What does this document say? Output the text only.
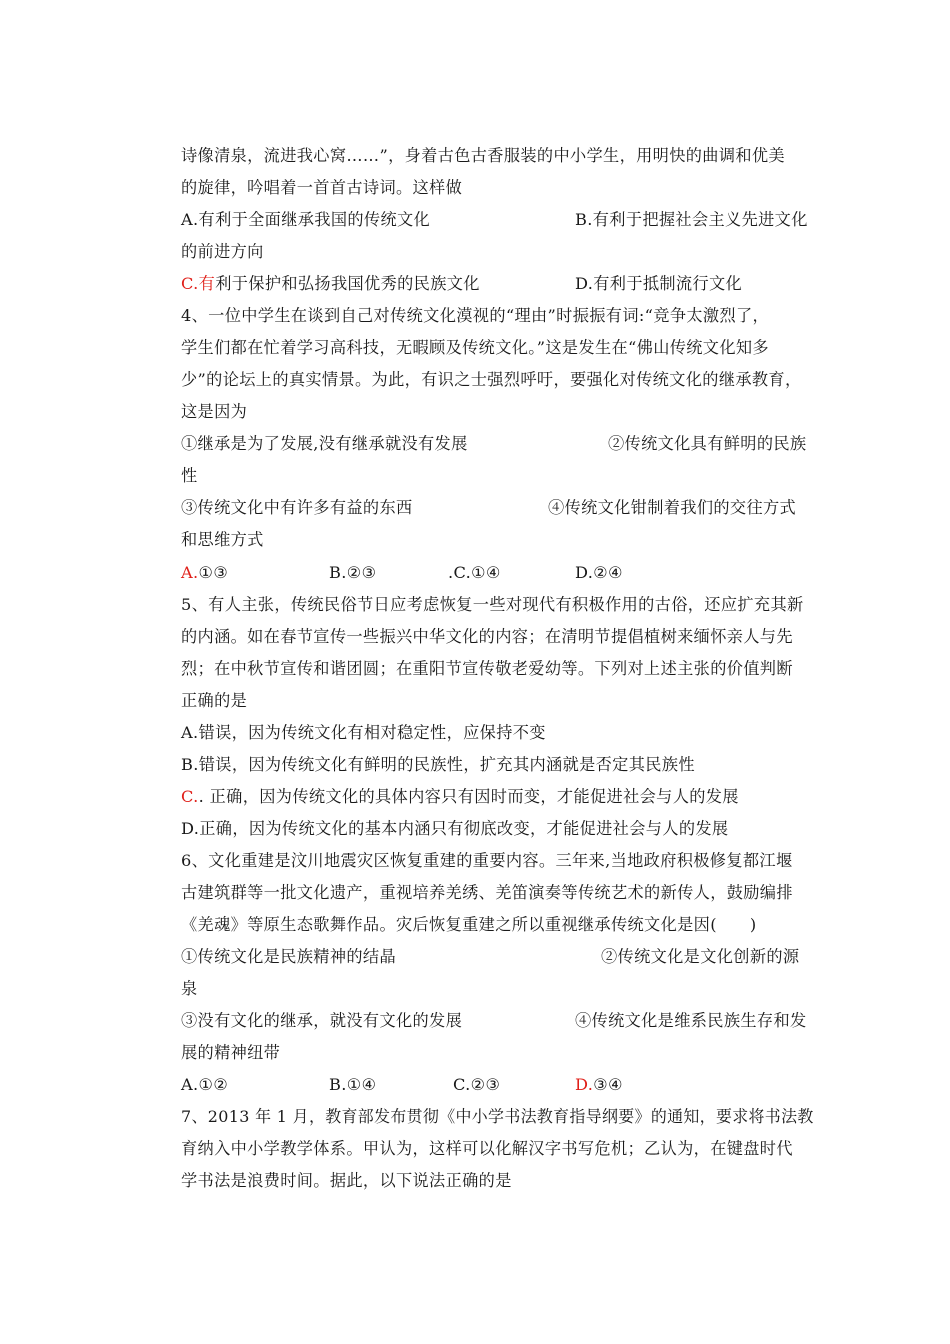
诗像清泉，流进我心窝……”，身着古色古香服装的中小学生，用明快的曲调和优美
的旋律，吟唱着一首首古诗词。这样做
A.有利于全面继承我国的传统文化	B.有利于把握社会主义先进文化
的前进方向
C.有利于保护和弘扬我国优秀的民族文化	D.有利于抵制流行文化
4、一位中学生在谈到自己对传统文化漠视的“理由”时振振有词:“竞争太激烈了，
学生们都在忙着学习高科技，无暇顾及传统文化。”这是发生在“佛山传统文化知多
少”的论坛上的真实情景。为此，有识之士强烈呼吁，要强化对传统文化的继承教育，
这是因为
①继承是为了发展,没有继承就没有发展	②传统文化具有鲜明的民族
性
③传统文化中有许多有益的东西	④传统文化钳制着我们的交往方式
和思维方式
A.①③	B.②③	.C.①④	D.②④
5、有人主张，传统民俗节日应考虑恢复一些对现代有积极作用的古俗，还应扩充其新
的内涵。如在春节宣传一些振兴中华文化的内容；在清明节提倡植树来缅怀亲人与先
烈；在中秋节宣传和谐团圆；在重阳节宣传敬老爱幼等。下列对上述主张的价值判断
正确的是
A.错误，因为传统文化有相对稳定性，应保持不变
B.错误，因为传统文化有鲜明的民族性，扩充其内涵就是否定其民族性
C.. 正确，因为传统文化的具体内容只有因时而变，才能促进社会与人的发展
D.正确，因为传统文化的基本内涵只有彻底改变，才能促进社会与人的发展
6、文化重建是汶川地震灾区恢复重建的重要内容。三年来,当地政府积极修复都江堰
古建筑群等一批文化遗产，重视培养羌绣、羌笛演奏等传统艺术的新传人，鼓励编排
《羌魂》等原生态歌舞作品。灾后恢复重建之所以重视继承传统文化是因(　　)
①传统文化是民族精神的结晶	②传统文化是文化创新的源
泉
③没有文化的继承，就没有文化的发展	④传统文化是维系民族生存和发
展的精神纽带
A.①②	B.①④	C.②③	D.③④
7、2013 年 1 月，教育部发布贯彻《中小学书法教育指导纲要》的通知，要求将书法教
育纳入中小学教学体系。甲认为，这样可以化解汉字书写危机；乙认为，在键盘时代
学书法是浪费时间。据此，以下说法正确的是
